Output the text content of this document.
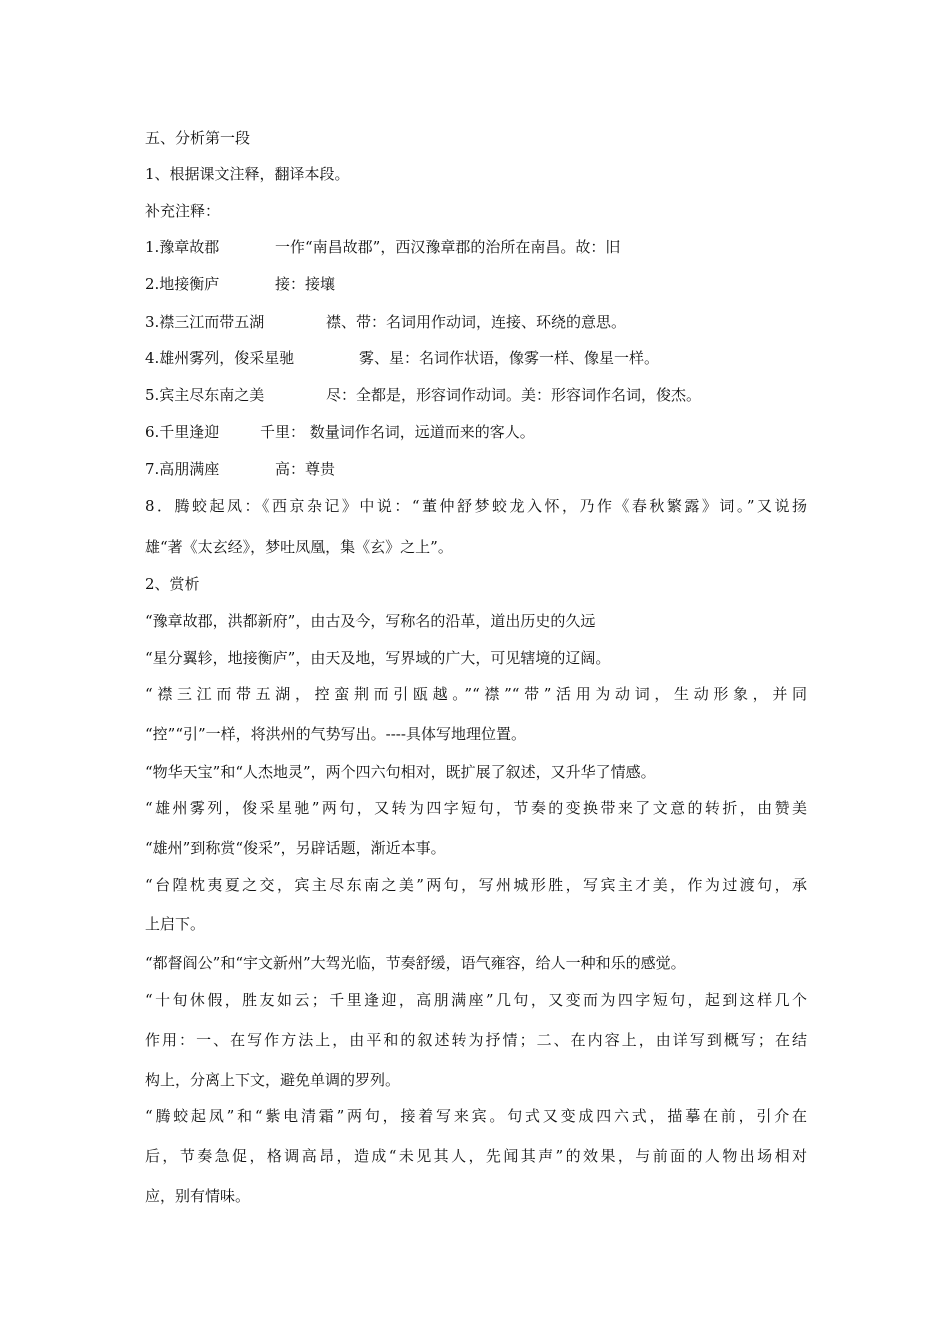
五、分析第一段
1、根据课文注释，翻译本段。
补充注释：
1.豫章故郡	一作“南昌故郡”，西汉豫章郡的治所在南昌。故：旧
2.地接衡庐	接：接壤
3.襟三江而带五湖	襟、带：名词用作动词，连接、环绕的意思。
4.雄州雾列，俊采星驰	雾、星：名词作状语，像雾一样、像星一样。
5.宾主尽东南之美	尽：全都是，形容词作动词。美：形容词作名词，俊杰。
6.千里逢迎	千里： 数量词作名词，远道而来的客人。
7.高朋满座	高：尊贵
8．腾蛟起凤：《西京杂记》中说：“董仲舒梦蛟龙入怀，乃作《春秋繁露》词。”又说扬
雄“著《太玄经》，梦吐凤凰，集《玄》之上”。
2、赏析
“豫章故郡，洪都新府”，由古及今，写称名的沿革，道出历史的久远
“星分翼轸，地接衡庐”，由天及地，写界域的广大，可见辖境的辽阔。
“襟三江而带五湖，控蛮荆而引瓯越。”“襟”“带”活用为动词，生动形象，并同
“控”“引”一样，将洪州的气势写出。----具体写地理位置。
“物华天宝”和“人杰地灵”，两个四六句相对，既扩展了叙述，又升华了情感。
“雄州雾列，俊采星驰”两句，又转为四字短句，节奏的变换带来了文意的转折，由赞美
“雄州”到称赏“俊采”，另辟话题，渐近本事。
“台隍枕夷夏之交，宾主尽东南之美”两句，写州城形胜，写宾主才美，作为过渡句，承
上启下。
“都督阎公”和“宇文新州”大驾光临，节奏舒缓，语气雍容，给人一种和乐的感觉。
“十旬休假，胜友如云；千里逢迎，高朋满座”几句，又变而为四字短句，起到这样几个
作用：一、在写作方法上，由平和的叙述转为抒情；二、在内容上，由详写到概写；在结
构上，分离上下文，避免单调的罗列。
“腾蛟起凤”和“紫电清霜”两句，接着写来宾。句式又变成四六式，描摹在前，引介在
后，节奏急促，格调高昂，造成“未见其人，先闻其声”的效果，与前面的人物出场相对
应，别有情味。
